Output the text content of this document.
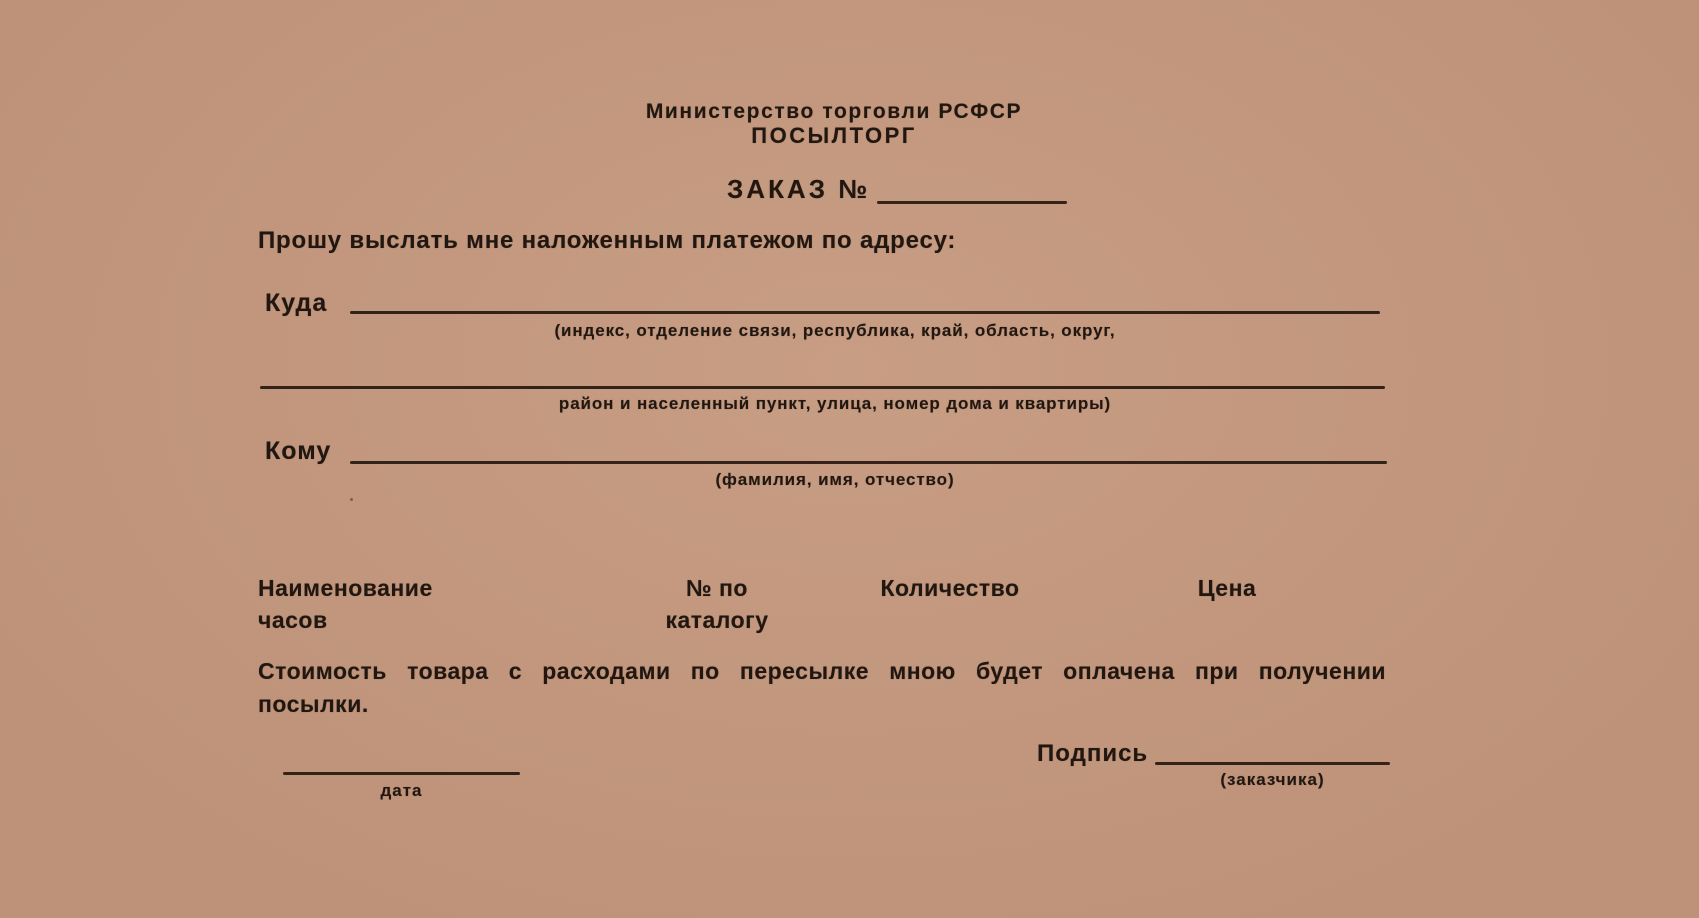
Министерство торговли РСФСР
ПОСЫЛТОРГ
ЗАКАЗ №
Прошу выслать мне наложенным платежом по адресу:
Куда
(индекс, отделение связи, республика, край, область, округ,
район и населенный пункт, улица, номер дома и квартиры)
Кому
(фамилия, имя, отчество)
Наименование
часов
№ по
каталогу
Количество	Цена
Стоимость товара с расходами по пересылке мною будет оплачена при получении
посылки.
дата
Подпись
(заказчика)
